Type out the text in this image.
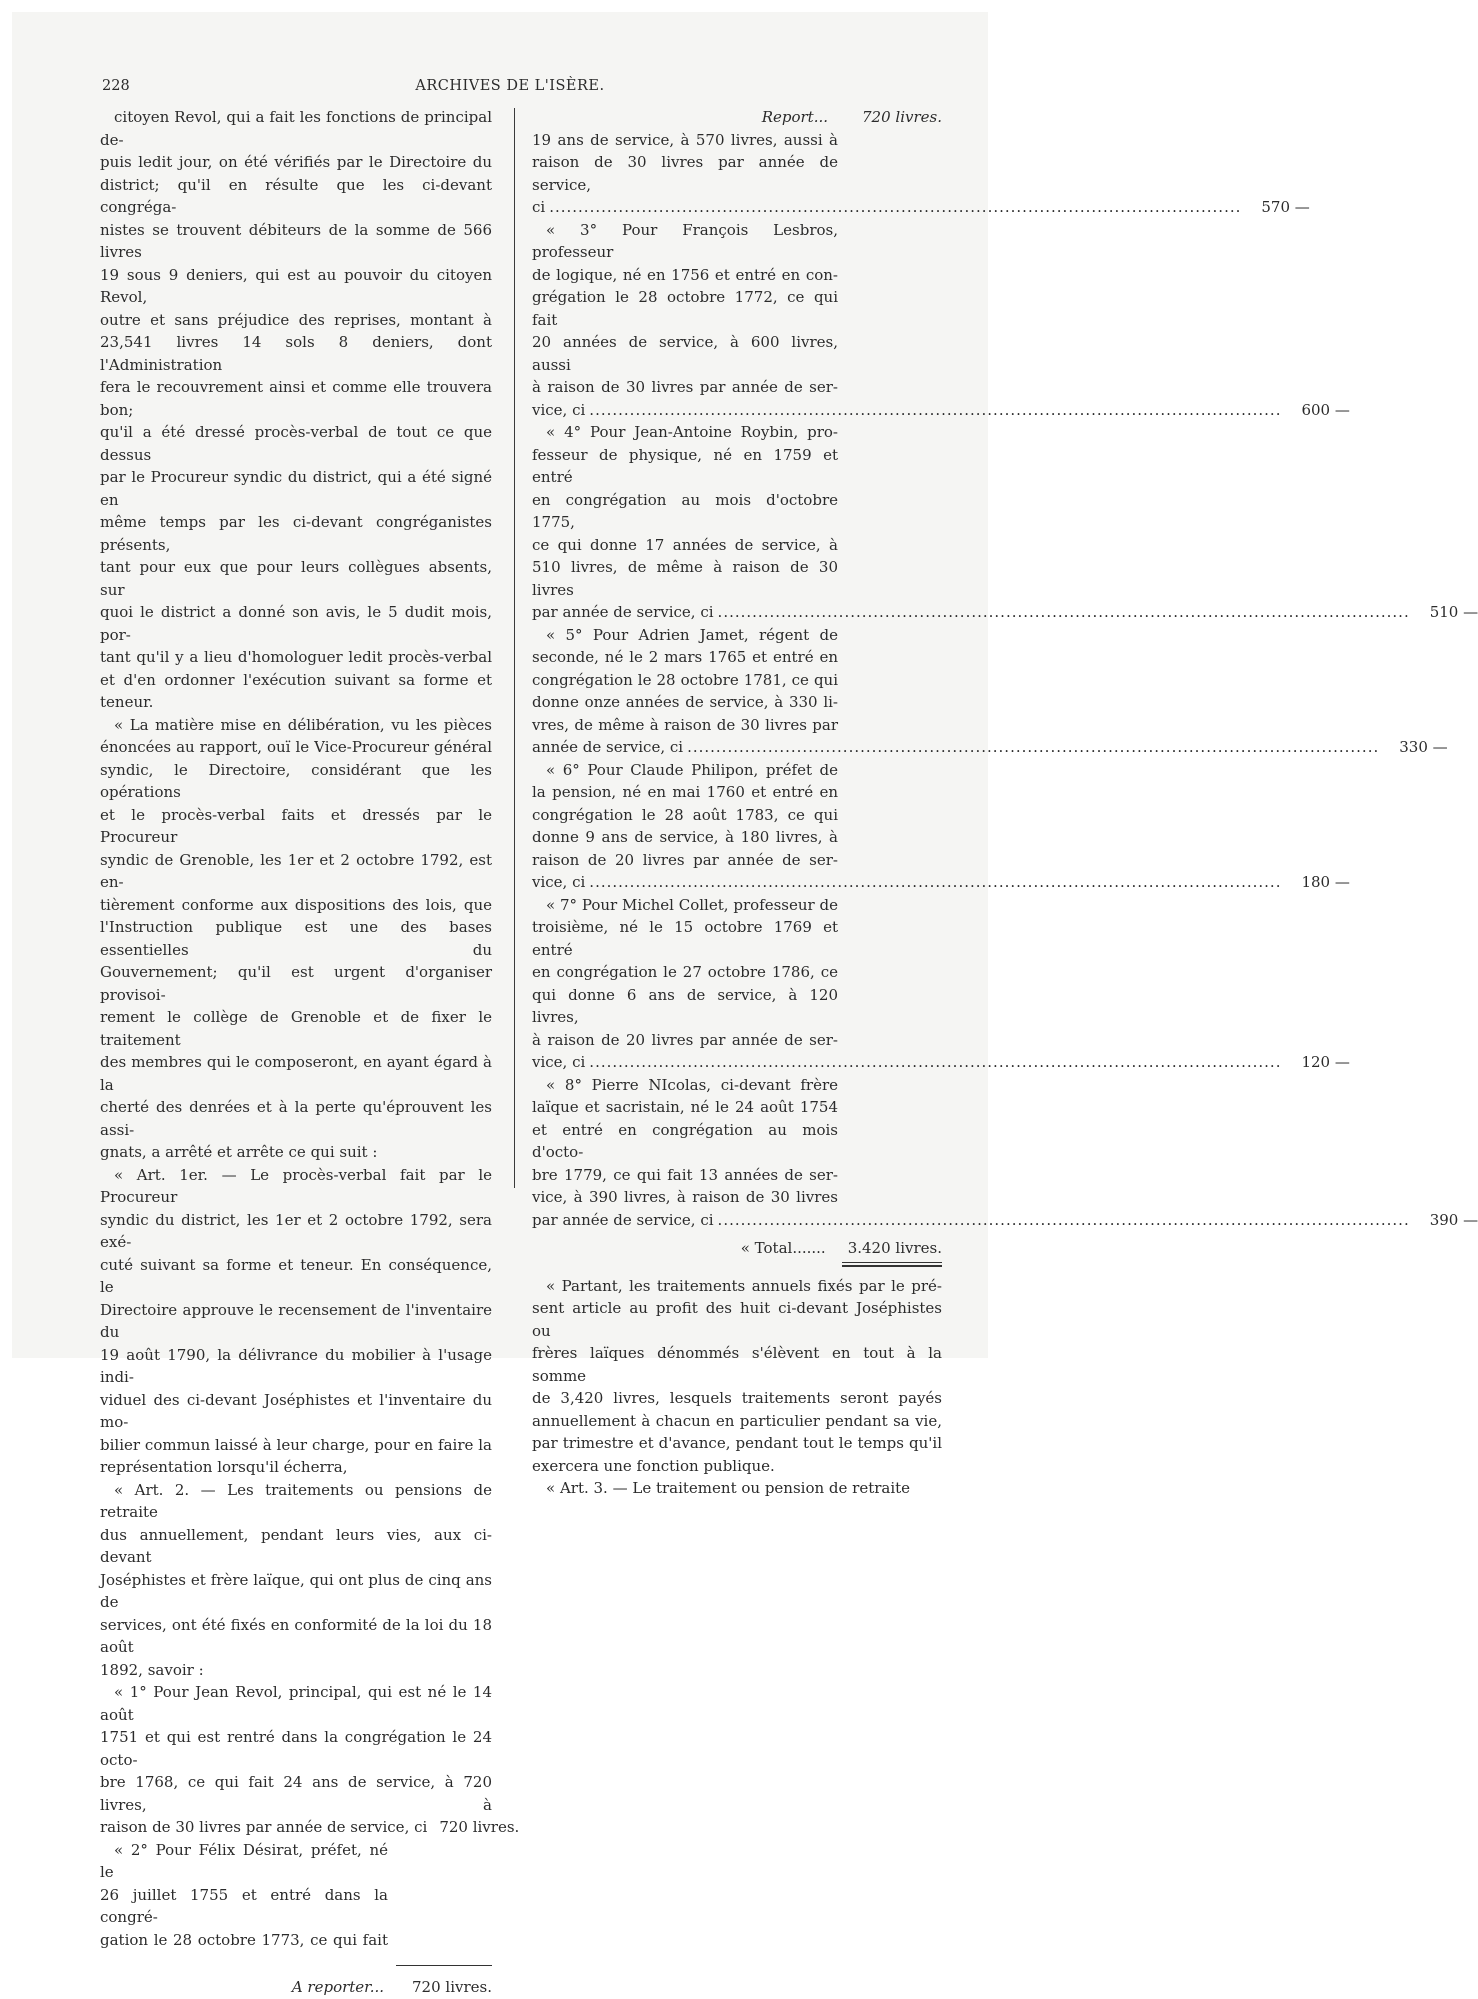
228	ARCHIVES DE L'ISÈRE.
citoyen Revol, qui a fait les fonctions de principal de-
puis ledit jour, on été vérifiés par le Directoire du
district; qu'il en résulte que les ci-devant congréga-
nistes se trouvent débiteurs de la somme de 566 livres
19 sous 9 deniers, qui est au pouvoir du citoyen Revol,
outre et sans préjudice des reprises, montant à
23,541 livres 14 sols 8 deniers, dont l'Administration
fera le recouvrement ainsi et comme elle trouvera bon;
qu'il a été dressé procès-verbal de tout ce que dessus
par le Procureur syndic du district, qui a été signé en
même temps par les ci-devant congréganistes présents,
tant pour eux que pour leurs collègues absents, sur
quoi le district a donné son avis, le 5 dudit mois, por-
tant qu'il y a lieu d'homologuer ledit procès-verbal
et d'en ordonner l'exécution suivant sa forme et
teneur.
« La matière mise en délibération, vu les pièces
énoncées au rapport, ouï le Vice-Procureur général
syndic, le Directoire, considérant que les opérations
et le procès-verbal faits et dressés par le Procureur
syndic de Grenoble, les 1er et 2 octobre 1792, est en-
tièrement conforme aux dispositions des lois, que
l'Instruction publique est une des bases essentielles du
Gouvernement; qu'il est urgent d'organiser provisoi-
rement le collège de Grenoble et de fixer le traitement
des membres qui le composeront, en ayant égard à la
cherté des denrées et à la perte qu'éprouvent les assi-
gnats, a arrêté et arrête ce qui suit :
« Art. 1er. — Le procès-verbal fait par le Procureur
syndic du district, les 1er et 2 octobre 1792, sera exé-
cuté suivant sa forme et teneur. En conséquence, le
Directoire approuve le recensement de l'inventaire du
19 août 1790, la délivrance du mobilier à l'usage indi-
viduel des ci-devant Joséphistes et l'inventaire du mo-
bilier commun laissé à leur charge, pour en faire la
représentation lorsqu'il écherra,
« Art. 2. — Les traitements ou pensions de retraite
dus annuellement, pendant leurs vies, aux ci-devant
Joséphistes et frère laïque, qui ont plus de cinq ans de
services, ont été fixés en conformité de la loi du 18 août
1892, savoir :
« 1° Pour Jean Revol, principal, qui est né le 14 août
1751 et qui est rentré dans la congrégation le 24 octo-
bre 1768, ce qui fait 24 ans de service, à 720 livres, à
raison de 30 livres par année de service, ci 720 livres.
« 2° Pour Félix Désirat, préfet, né le
26 juillet 1755 et entré dans la congré-
gation le 28 octobre 1773, ce qui fait
A reporter... 720 livres.
Report... 720 livres.
19 ans de service, à 570 livres, aussi à
raison de 30 livres par année de service,
ci ........................................................................................................................	570 —
« 3° Pour François Lesbros, professeur
de logique, né en 1756 et entré en con-
grégation le 28 octobre 1772, ce qui fait
20 années de service, à 600 livres, aussi
à raison de 30 livres par année de ser-
vice, ci ........................................................................................................................	600 —
« 4° Pour Jean-Antoine Roybin, pro-
fesseur de physique, né en 1759 et entré
en congrégation au mois d'octobre 1775,
ce qui donne 17 années de service, à
510 livres, de même à raison de 30 livres
par année de service, ci ........................................................................................................................	510 —
« 5° Pour Adrien Jamet, régent de
seconde, né le 2 mars 1765 et entré en
congrégation le 28 octobre 1781, ce qui
donne onze années de service, à 330 li-
vres, de même à raison de 30 livres par
année de service, ci ........................................................................................................................	330 —
« 6° Pour Claude Philipon, préfet de
la pension, né en mai 1760 et entré en
congrégation le 28 août 1783, ce qui
donne 9 ans de service, à 180 livres, à
raison de 20 livres par année de ser-
vice, ci ........................................................................................................................	180 —
« 7° Pour Michel Collet, professeur de
troisième, né le 15 octobre 1769 et entré
en congrégation le 27 octobre 1786, ce
qui donne 6 ans de service, à 120 livres,
à raison de 20 livres par année de ser-
vice, ci ........................................................................................................................	120 —
« 8° Pierre NIcolas, ci-devant frère
laïque et sacristain, né le 24 août 1754
et entré en congrégation au mois d'octo-
bre 1779, ce qui fait 13 années de ser-
vice, à 390 livres, à raison de 30 livres
par année de service, ci ........................................................................................................................	390 —
« Total....... 3.420 livres.
« Partant, les traitements annuels fixés par le pré-
sent article au profit des huit ci-devant Joséphistes ou
frères laïques dénommés s'élèvent en tout à la somme
de 3,420 livres, lesquels traitements seront payés
annuellement à chacun en particulier pendant sa vie,
par trimestre et d'avance, pendant tout le temps qu'il
exercera une fonction publique.
« Art. 3. — Le traitement ou pension de retraite
